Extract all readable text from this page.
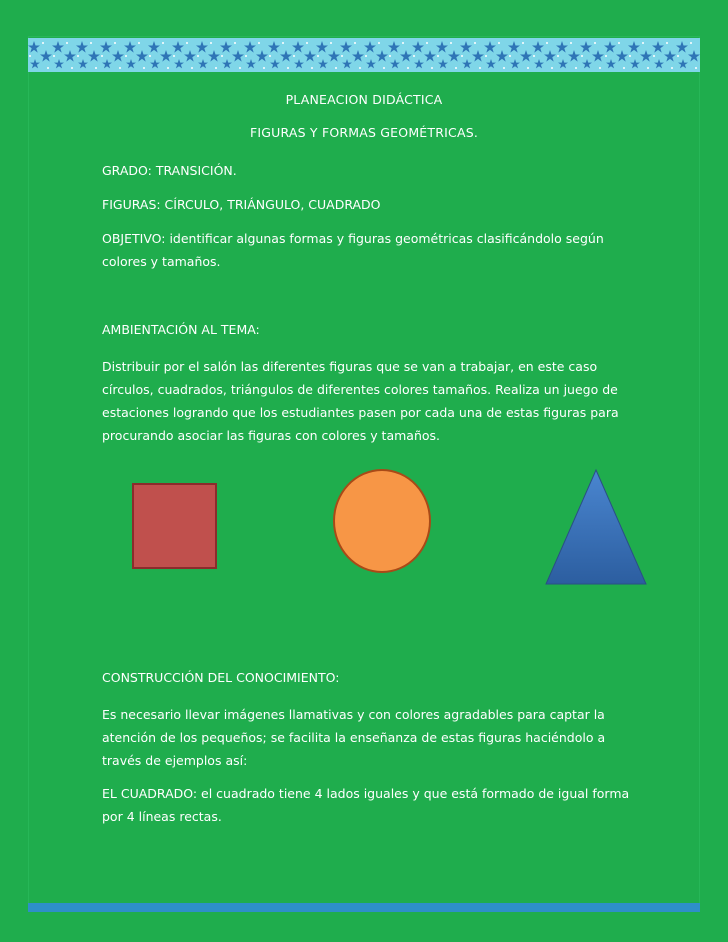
PLANEACION DIDÁCTICA
FIGURAS Y FORMAS GEOMÉTRICAS.

GRADO: TRANSICIÓN.

FIGURAS: CÍRCULO, TRIÁNGULO, CUADRADO

OBJETIVO: identificar algunas formas y figuras geométricas clasificándolo según colores y tamaños.

AMBIENTACIÓN AL TEMA:

Distribuir por el salón las diferentes figuras que se van a trabajar, en este caso círculos, cuadrados, triángulos de diferentes colores tamaños. Realiza un juego de estaciones logrando que los estudiantes pasen por cada una de estas figuras para procurando asociar las figuras con colores y tamaños.

CONSTRUCCIÓN DEL CONOCIMIENTO:

Es necesario llevar imágenes llamativas y con colores agradables para captar la atención de los pequeños; se facilita la enseñanza de estas figuras haciéndolo a través de ejemplos así:

EL CUADRADO: el cuadrado tiene 4 lados iguales y que está formado de igual forma por 4 líneas rectas.
